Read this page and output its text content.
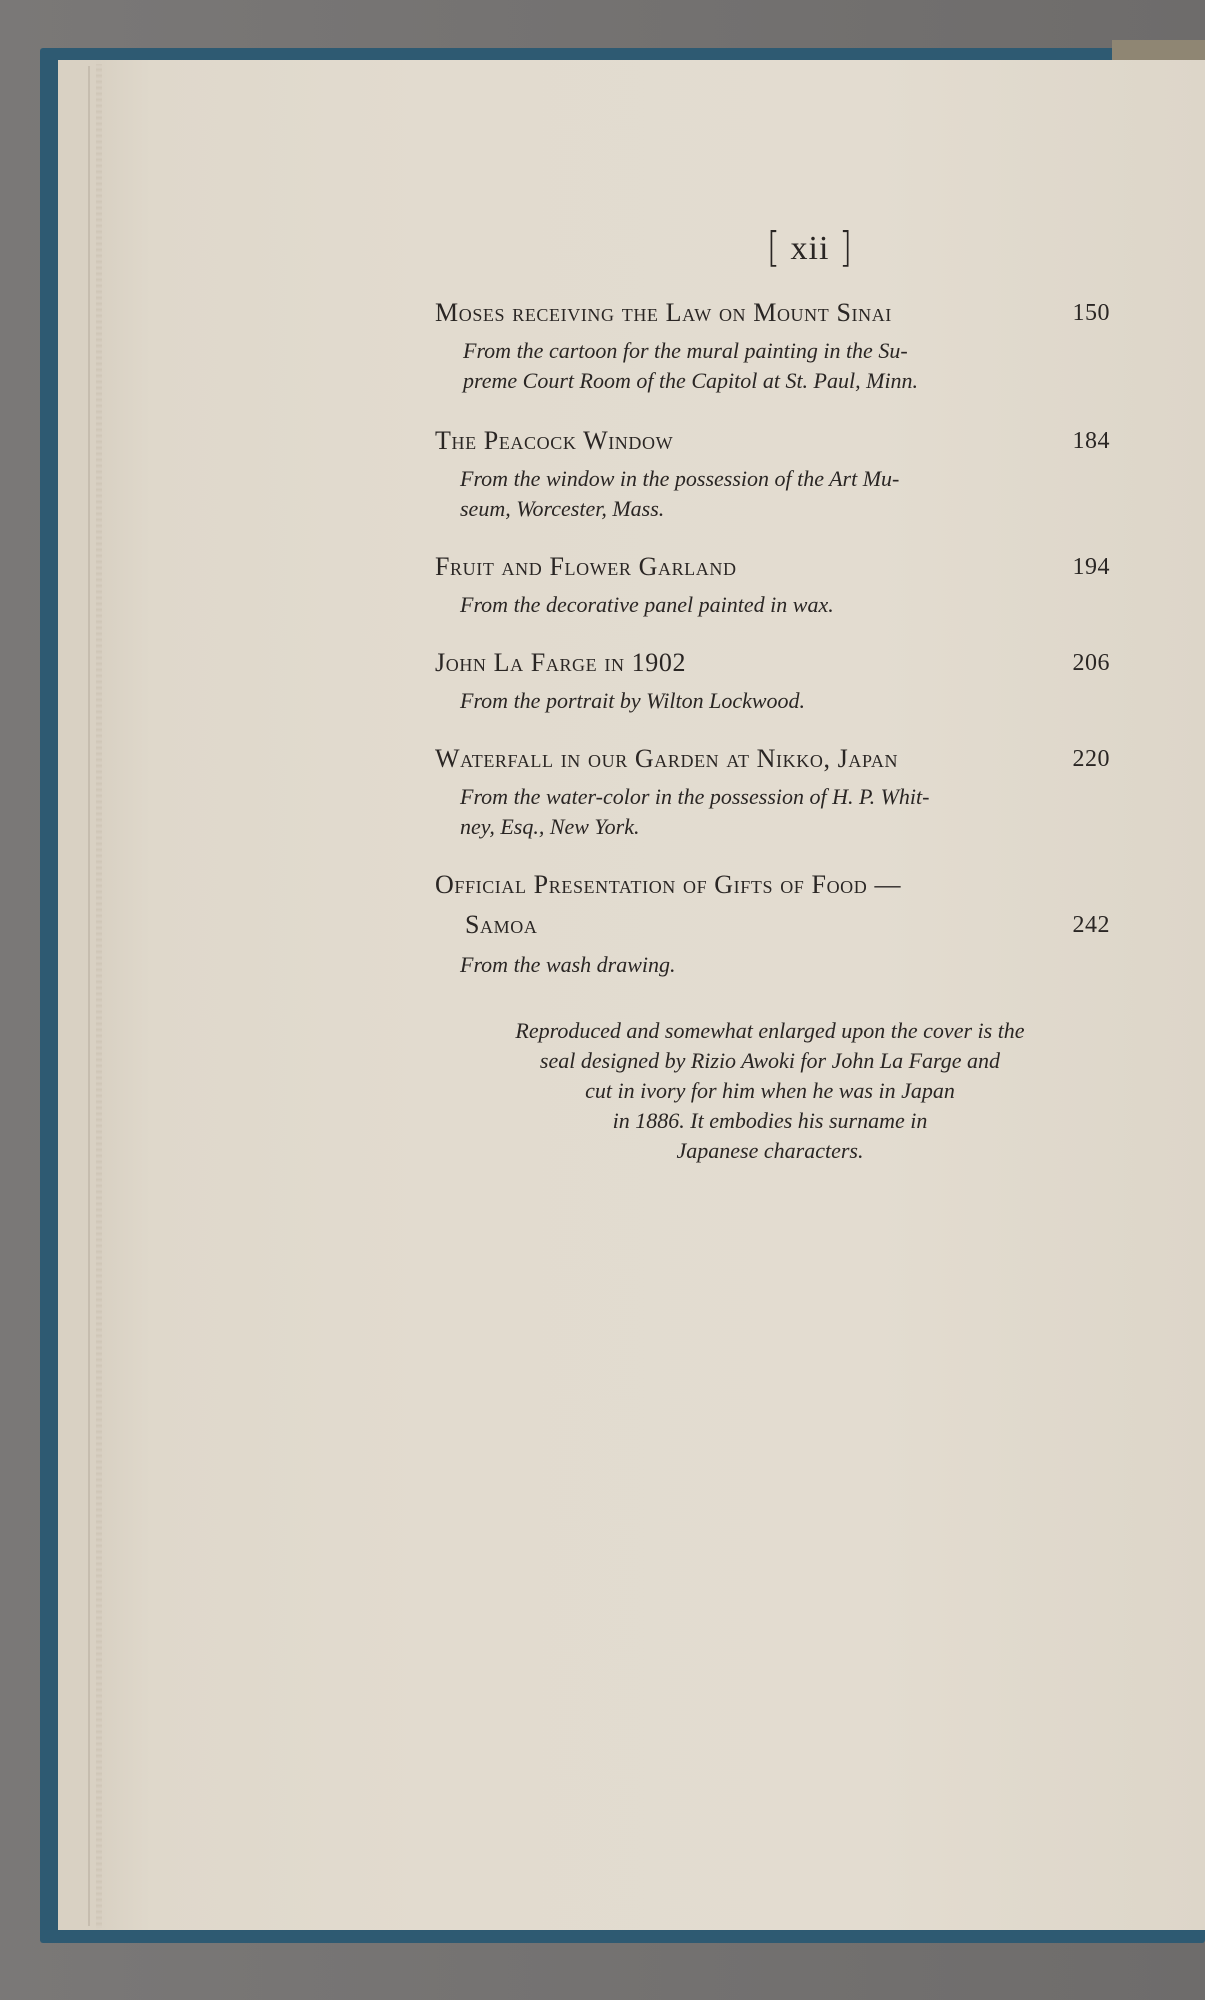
[ xii ]
Moses receiving the Law on Mount Sinai	150
From the cartoon for the mural painting in the Su-
preme Court Room of the Capitol at St. Paul, Minn.
The Peacock Window	184
From the window in the possession of the Art Mu-
seum, Worcester, Mass.
Fruit and Flower Garland	194
From the decorative panel painted in wax.
John La Farge in 1902	206
From the portrait by Wilton Lockwood.
Waterfall in our Garden at Nikko, Japan	220
From the water-color in the possession of H. P. Whit-
ney, Esq., New York.
Official Presentation of Gifts of Food —
Samoa	242
From the wash drawing.
Reproduced and somewhat enlarged upon the cover is the
seal designed by Rizio Awoki for John La Farge and
cut in ivory for him when he was in Japan
in 1886. It embodies his surname in
Japanese characters.
